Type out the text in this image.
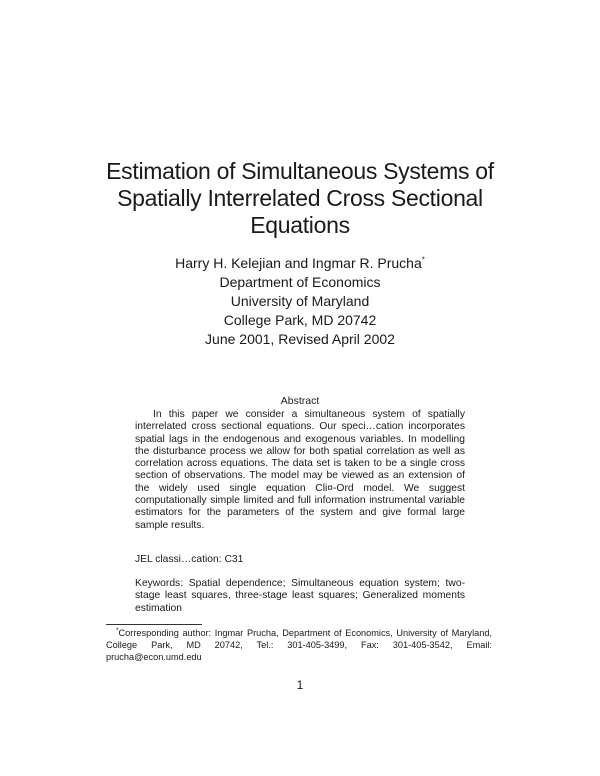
Estimation of Simultaneous Systems of
Spatially Interrelated Cross Sectional
Equations
Harry H. Kelejian and Ingmar R. Prucha*
Department of Economics
University of Maryland
College Park, MD 20742
June 2001, Revised April 2002
Abstract

In this paper we consider a simultaneous system of spatially interrelated cross sectional equations. Our speci…cation incorporates spatial lags in the endogenous and exogenous variables. In modelling the disturbance process we allow for both spatial correlation as well as correlation across equations. The data set is taken to be a single cross section of observations. The model may be viewed as an extension of the widely used single equation Cli¤-Ord model. We suggest computationally simple limited and full information instrumental variable estimators for the parameters of the system and give formal large sample results.

JEL classi…cation: C31
Keywords: Spatial dependence; Simultaneous equation system; two-stage least squares, three-stage least squares; Generalized moments estimation

*Corresponding author: Ingmar Prucha, Department of Economics, University of Maryland, College Park, MD 20742, Tel.: 301-405-3499, Fax: 301-405-3542, Email: prucha@econ.umd.edu

1
